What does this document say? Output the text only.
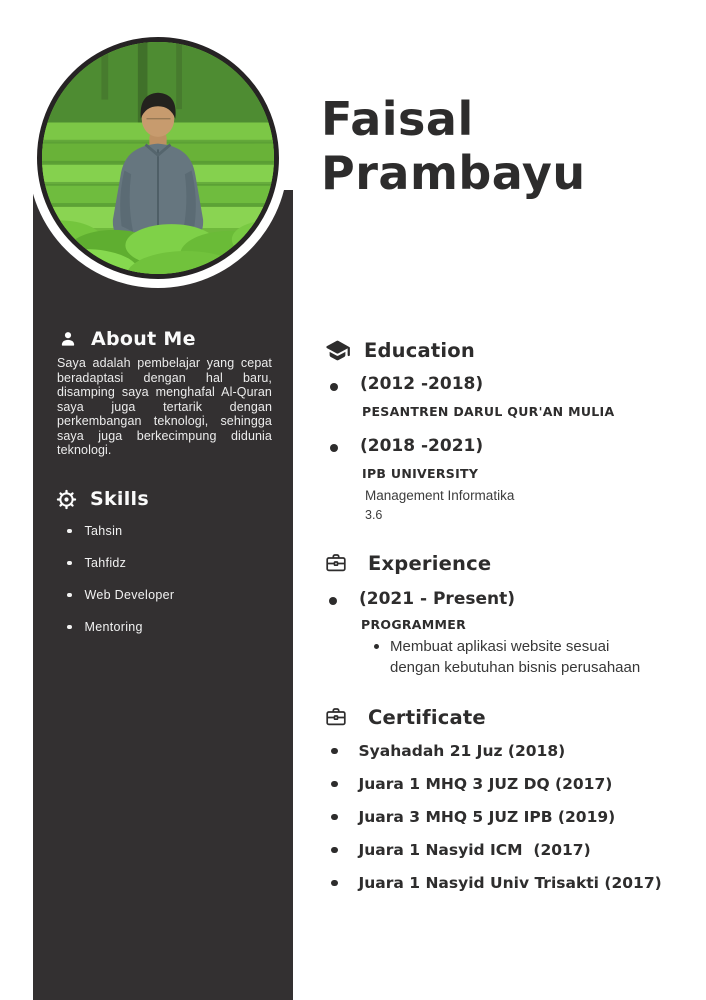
Faisal
Prambayu
About Me

Saya adalah pembelajar yang cepat beradaptasi dengan hal baru, disamping saya menghafal Al-Quran saya juga tertarik dengan perkembangan teknologi, sehingga saya juga berkecimpung didunia teknologi.

Skills
Tahsin
Tahfidz
Web Developer
Mentoring
Education
(2012 -2018)
PESANTREN DARUL QUR'AN MULIA
(2018 -2021)
IPB UNIVERSITY
Management Informatika
3.6
Experience
(2021 - Present)
PROGRAMMER
Membuat aplikasi website sesuai dengan kebutuhan bisnis perusahaan
Certificate
Syahadah 21 Juz (2018)
Juara 1 MHQ 3 JUZ DQ (2017)
Juara 3 MHQ 5 JUZ IPB (2019)
Juara 1 Nasyid ICM  (2017)
Juara 1 Nasyid Univ Trisakti (2017)
